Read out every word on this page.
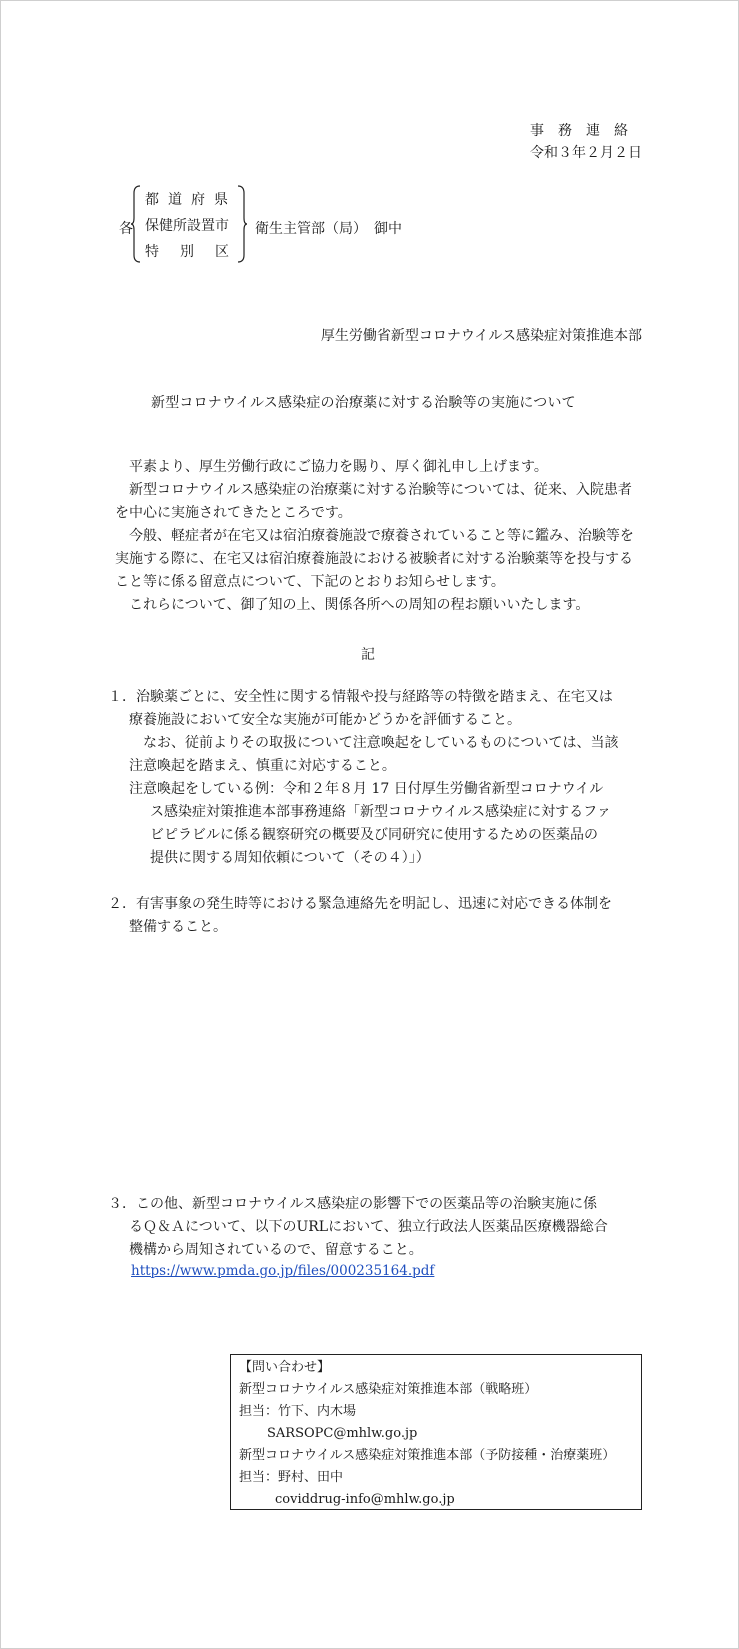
事務連絡
令和３年２月２日
各
都道府県
保健所設置市
特別区
衛生主管部（局）　御中
厚生労働省新型コロナウイルス感染症対策推進本部
新型コロナウイルス感染症の治療薬に対する治験等の実施について
平素より、厚生労働行政にご協力を賜り、厚く御礼申し上げます。
新型コロナウイルス感染症の治療薬に対する治験等については、従来、入院患者を中心に実施されてきたところです。
今般、軽症者が在宅又は宿泊療養施設で療養されていること等に鑑み、治験等を実施する際に、在宅又は宿泊療養施設における被験者に対する治験薬等を投与すること等に係る留意点について、下記のとおりお知らせします。
これらについて、御了知の上、関係各所への周知の程お願いいたします。
記
１．治験薬ごとに、安全性に関する情報や投与経路等の特徴を踏まえ、在宅又は
療養施設において安全な実施が可能かどうかを評価すること。
なお、従前よりその取扱について注意喚起をしているものについては、当該
注意喚起を踏まえ、慎重に対応すること。
注意喚起をしている例：令和２年８月 17 日付厚生労働省新型コロナウイル
ス感染症対策推進本部事務連絡「新型コロナウイルス感染症に対するファ
ビピラビルに係る観察研究の概要及び同研究に使用するための医薬品の
提供に関する周知依頼について（その４）」）
２．有害事象の発生時等における緊急連絡先を明記し、迅速に対応できる体制を
整備すること。
３．この他、新型コロナウイルス感染症の影響下での医薬品等の治験実施に係
るＱ＆Ａについて、以下のURLにおいて、独立行政法人医薬品医療機器総合
機構から周知されているので、留意すること。
https://www.pmda.go.jp/files/000235164.pdf
【問い合わせ】
新型コロナウイルス感染症対策推進本部（戦略班）
担当：竹下、内木場
SARSOPC@mhlw.go.jp
新型コロナウイルス感染症対策推進本部（予防接種・治療薬班）
担当：野村、田中
coviddrug-info@mhlw.go.jp
